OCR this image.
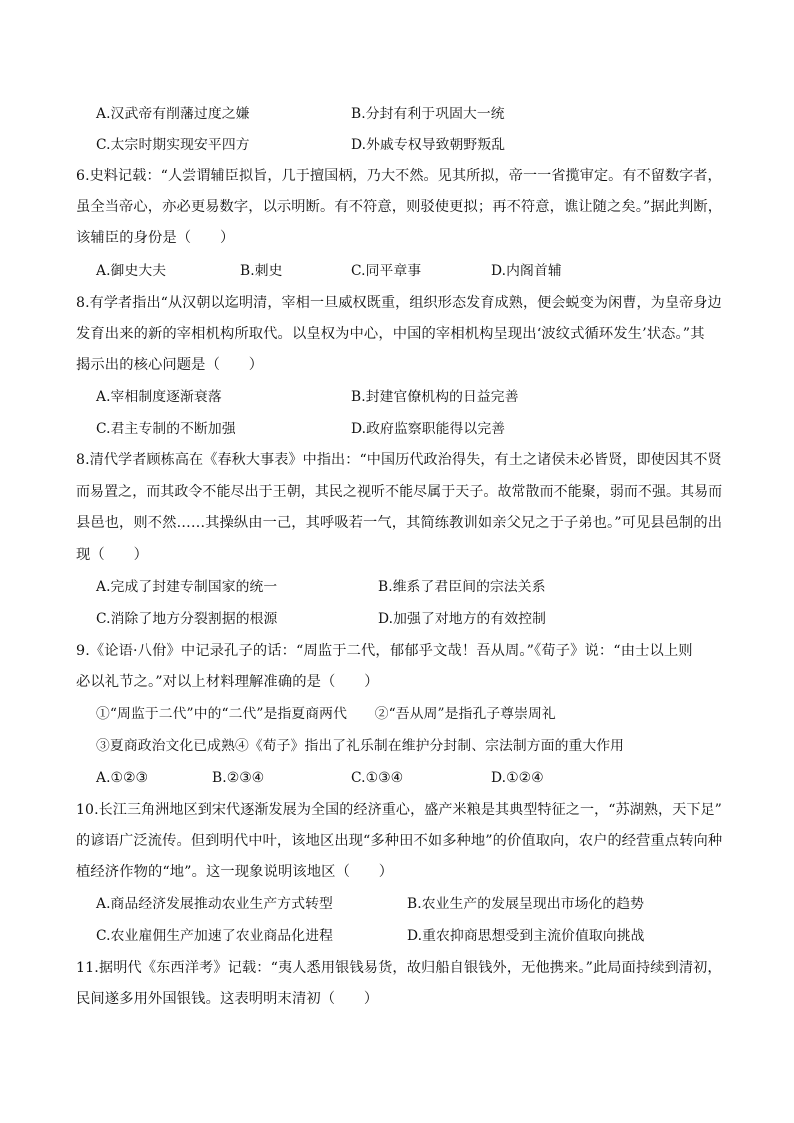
A.汉武帝有削藩过度之嫌	B.分封有利于巩固大一统
C.太宗时期实现安平四方	D.外戚专权导致朝野叛乱
6.史料记载：“人尝谓辅臣拟旨，几于擅国柄，乃大不然。见其所拟，帝一一省揽审定。有不留数字者，
虽全当帝心，亦必更易数字，以示明断。有不符意，则驳使更拟；再不符意，谯让随之矣。”据此判断，
该辅臣的身份是（　　）
A.御史大夫	B.刺史	C.同平章事	D.内阁首辅
8.有学者指出“从汉朝以迄明清，宰相一旦威权既重，组织形态发育成熟，便会蜕变为闲曹，为皇帝身边
发育出来的新的宰相机构所取代。以皇权为中心，中国的宰相机构呈现出‘波纹式循环发生’状态。”其
揭示出的核心问题是（　　）
A.宰相制度逐渐衰落	B.封建官僚机构的日益完善
C.君主专制的不断加强	D.政府监察职能得以完善
8.清代学者顾栋高在《春秋大事表》中指出：“中国历代政治得失，有土之诸侯未必皆贤，即使因其不贤
而易置之，而其政令不能尽出于王朝，其民之视听不能尽属于天子。故常散而不能聚，弱而不强。其易而
县邑也，则不然……其操纵由一己，其呼吸若一气，其简练教训如亲父兄之于子弟也。”可见县邑制的出
现（　　）
A.完成了封建专制国家的统一	B.维系了君臣间的宗法关系
C.消除了地方分裂割据的根源	D.加强了对地方的有效控制
9.《论语·八佾》中记录孔子的话：“周监于二代，郁郁乎文哉！吾从周。”《荀子》说：“由士以上则
必以礼节之。”对以上材料理解准确的是（　　）
①“周监于二代”中的“二代”是指夏商两代　　②“吾从周”是指孔子尊崇周礼
③夏商政治文化已成熟④《荀子》指出了礼乐制在维护分封制、宗法制方面的重大作用
A.①②③	B.②③④	C.①③④	D.①②④
10.长江三角洲地区到宋代逐渐发展为全国的经济重心，盛产米粮是其典型特征之一，“苏湖熟，天下足”
的谚语广泛流传。但到明代中叶，该地区出现“多种田不如多种地”的价值取向，农户的经营重点转向种
植经济作物的“地”。这一现象说明该地区（　　）
A.商品经济发展推动农业生产方式转型	B.农业生产的发展呈现出市场化的趋势
C.农业雇佣生产加速了农业商品化进程	D.重农抑商思想受到主流价值取向挑战
11.据明代《东西洋考》记载：“夷人悉用银钱易货，故归船自银钱外，无他携来。”此局面持续到清初，
民间遂多用外国银钱。这表明明末清初（　　）
